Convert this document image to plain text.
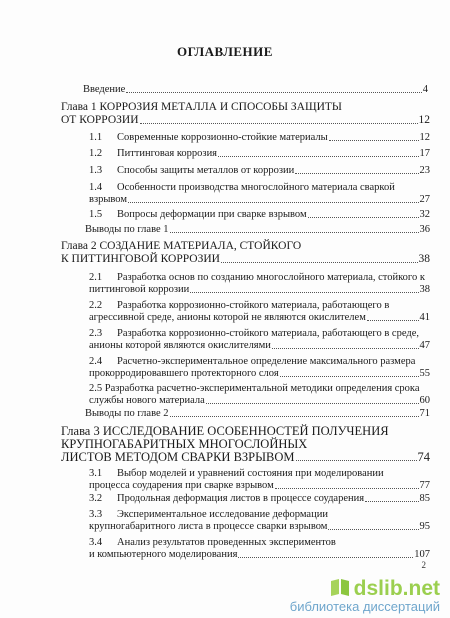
ОГЛАВЛЕНИЕ
Введение	4
Глава 1 КОРРОЗИЯ МЕТАЛЛА И СПОСОБЫ ЗАЩИТЫ
ОТ КОРРОЗИИ	12
1.1	Современные коррозионно-стойкие материалы	12
1.2	Питтинговая коррозия	17
1.3	Способы защиты металлов от коррозии	23
1.4 Особенности производства многослойного материала сваркой
взрывом	27
1.5	Вопросы деформации при сварке взрывом	32
Выводы по главе 1	36
Глава 2 СОЗДАНИЕ МАТЕРИАЛА, СТОЙКОГО
К ПИТТИНГОВОЙ КОРРОЗИИ	38
2.1 Разработка основ по созданию многослойного материала, стойкого к
питтинговой коррозии	38
2.2 Разработка коррозионно-стойкого материала, работающего в
агрессивной среде, анионы которой не являются окислителем	41
2.3 Разработка коррозионно-стойкого материала, работающего в среде,
анионы которой являются окислителями	47
2.4 Расчетно-экспериментальное определение максимального размера
прокорродировавшего протекторного слоя	55
2.5 Разработка расчетно-экспериментальной методики определения срока
службы нового материала	60
Выводы по главе 2	71
Глава 3 ИССЛЕДОВАНИЕ ОСОБЕННОСТЕЙ ПОЛУЧЕНИЯ
КРУПНОГАБАРИТНЫХ МНОГОСЛОЙНЫХ
ЛИСТОВ МЕТОДОМ СВАРКИ ВЗРЫВОМ	74
3.1 Выбор моделей и уравнений состояния при моделировании
процесса соударения при сварке взрывом	77
3.2	Продольная деформация листов в процессе соударения	85
3.3 Экспериментальное исследование деформации
крупногабаритного листа в процессе сварки взрывом	95
3.4 Анализ результатов проведенных экспериментов
и компьютерного моделирования	107
2
dslib.net
библиотека диссертаций
